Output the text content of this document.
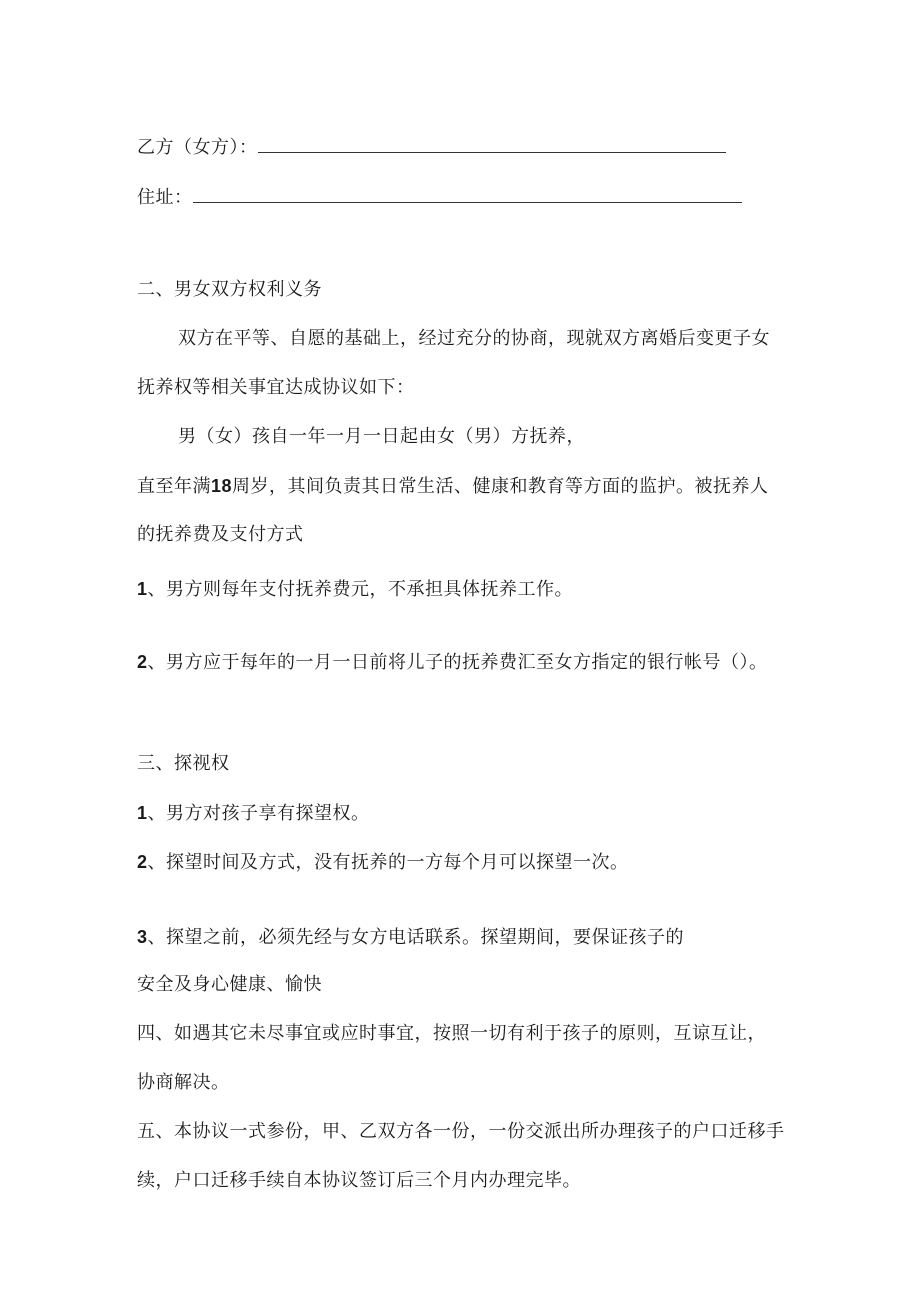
乙方（女方）：
住址：
二、男女双方权利义务
双方在平等、自愿的基础上，经过充分的协商，现就双方离婚后变更子女
抚养权等相关事宜达成协议如下：
男（女）孩自一年一月一日起由女（男）方抚养，
直至年满18周岁，其间负责其日常生活、健康和教育等方面的监护。被抚养人
的抚养费及支付方式
1、男方则每年支付抚养费元，不承担具体抚养工作。
2、男方应于每年的一月一日前将儿子的抚养费汇至女方指定的银行帐号（）。
三、探视权
1、男方对孩子享有探望权。
2、探望时间及方式，没有抚养的一方每个月可以探望一次。
3、探望之前，必须先经与女方电话联系。探望期间，要保证孩子的
安全及身心健康、愉快
四、如遇其它未尽事宜或应时事宜，按照一切有利于孩子的原则，互谅互让，
协商解决。
五、本协议一式参份，甲、乙双方各一份，一份交派出所办理孩子的户口迁移手
续，户口迁移手续自本协议签订后三个月内办理完毕。
